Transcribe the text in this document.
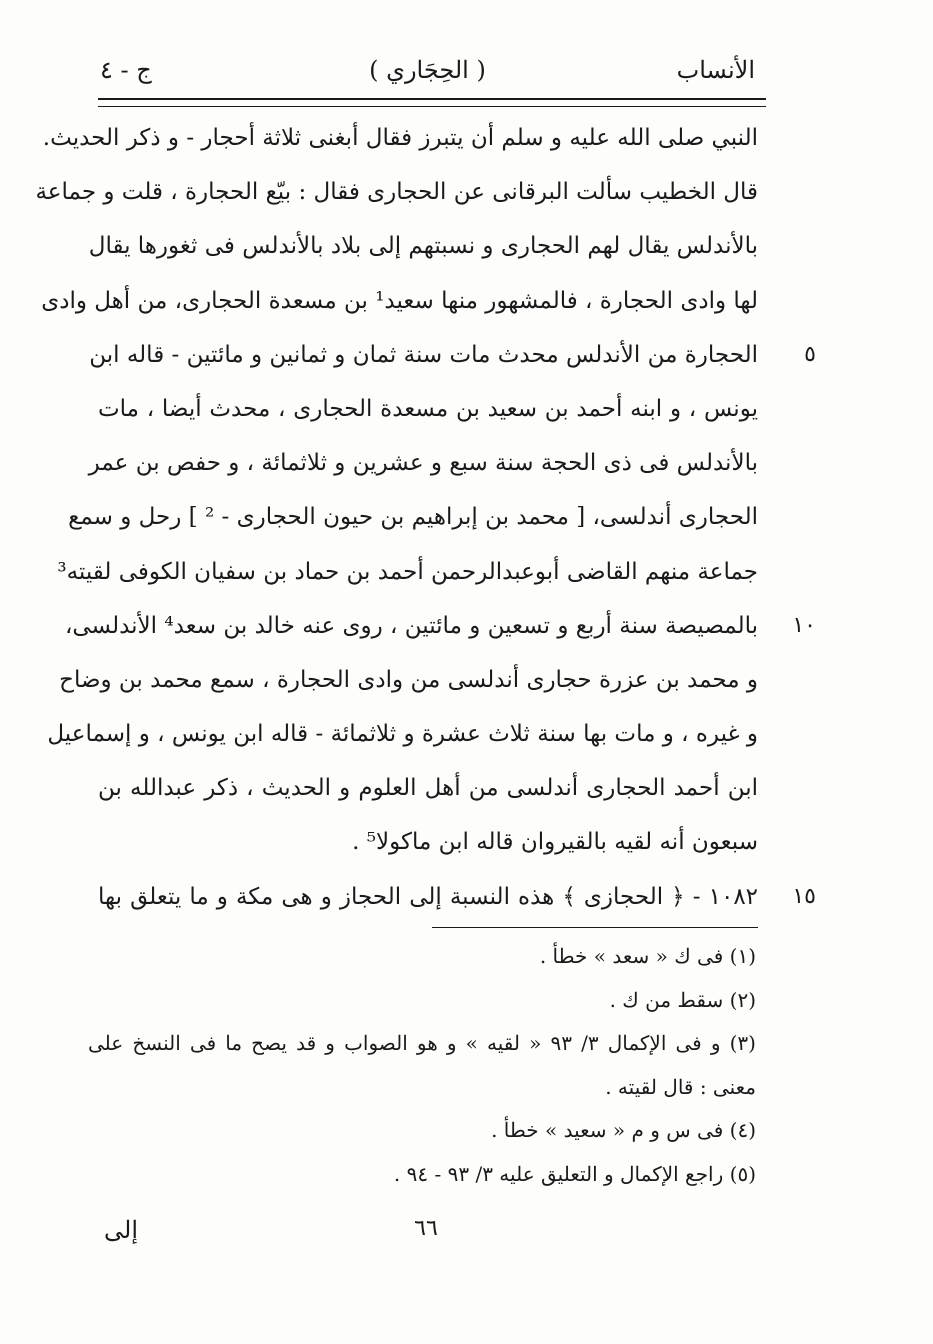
الأنساب
( الحِجَاري )
ج - ٤
النبي صلى الله عليه و سلم أن يتبرز فقال أبغنى ثلاثة أحجار - و ذكر الحديث.
قال الخطيب سألت البرقانى عن الحجارى فقال : بيّع الحجارة ، قلت و جماعة
بالأندلس يقال لهم الحجارى و نسبتهم إلى بلاد بالأندلس فى ثغورها يقال
لها وادى الحجارة ، فالمشهور منها سعيد¹ بن مسعدة الحجارى، من أهل وادى
٥
الحجارة من الأندلس محدث مات سنة ثمان و ثمانين و مائتين - قاله ابن
يونس ، و ابنه أحمد بن سعيد بن مسعدة الحجارى ، محدث أيضا ، مات
بالأندلس فى ذى الحجة سنة سبع و عشرين و ثلاثمائة ، و حفص بن عمر
الحجارى أندلسى، [ محمد بن إبراهيم بن حيون الحجارى - ² ] رحل و سمع
جماعة منهم القاضى أبوعبدالرحمن أحمد بن حماد بن سفيان الكوفى لقيته³
١٠
بالمصيصة سنة أربع و تسعين و مائتين ، روى عنه خالد بن سعد⁴ الأندلسى،
و محمد بن عزرة حجارى أندلسى من وادى الحجارة ، سمع محمد بن وضاح
و غيره ، و مات بها سنة ثلاث عشرة و ثلاثمائة - قاله ابن يونس ، و إسماعيل
ابن أحمد الحجارى أندلسى من أهل العلوم و الحديث ، ذكر عبدالله بن
سبعون أنه لقيه بالقيروان قاله ابن ماكولا⁵ .
١٥
١٠٨٢ - ﴿ الحجازى ﴾ هذه النسبة إلى الحجاز و هى مكة و ما يتعلق بها
(١) فى ك « سعد » خطأ .
(٢) سقط من ك .
(٣) و فى الإكمال ٣/ ٩٣ « لقيه » و هو الصواب و قد يصح ما فى النسخ على
معنى : قال لقيته .
(٤) فى س و م « سعيد » خطأ .
(٥) راجع الإكمال و التعليق عليه ٣/ ٩٣ - ٩٤ .
٦٦
إلى
